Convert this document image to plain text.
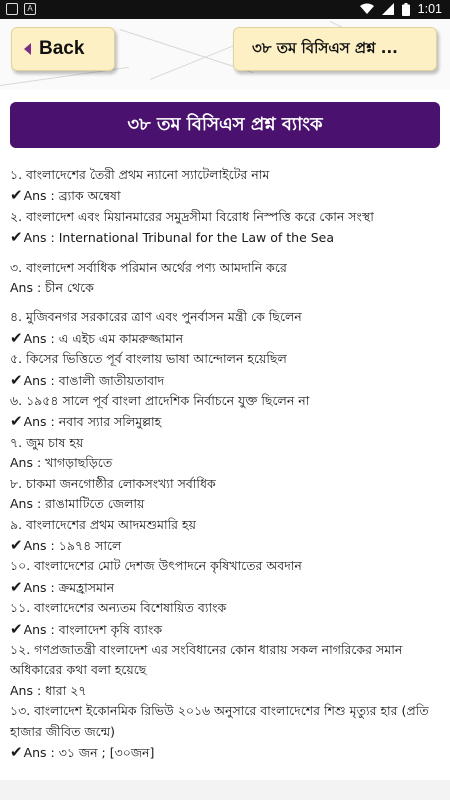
A	1:01
Back	৩৮ তম বিসিএস প্রশ্ন ...
৩৮ তম বিসিএস প্রশ্ন ব্যাংক
১. বাংলাদেশের তৈরী প্রথম ন্যানো স্যাটেলাইটের নাম
✔Ans : ব্র্যাক অন্বেষা
২. বাংলাদেশ এবং মিয়ানমারের সমুদ্রসীমা বিরোধ নিস্পত্তি করে কোন সংস্থা
✔Ans : International Tribunal for the Law of the Sea
৩. বাংলাদেশ সর্বাধিক পরিমান অর্থের পণ্য আমদানি করে
Ans : চীন থেকে
৪. মুজিবনগর সরকারের ত্রাণ এবং পুনর্বাসন মন্ত্রী কে ছিলেন
✔Ans : এ এইচ এম কামরুজ্জামান
৫. কিসের ভিত্তিতে পূর্ব বাংলায় ভাষা আন্দোলন হয়েছিল
✔Ans : বাঙালী জাতীয়তাবাদ
৬. ১৯৫৪ সালে পূর্ব বাংলা প্রাদেশিক নির্বাচনে যুক্ত ছিলেন না
✔Ans : নবাব স্যার সলিমুল্লাহ
৭. জুম চাষ হয়
Ans : খাগড়াছড়িতে
৮. চাকমা জনগোষ্ঠীর লোকসংখ্যা সর্বাধিক
Ans : রাঙামাটিতে জেলায়
৯. বাংলাদেশের প্রথম আদমশুমারি হয়
✔Ans : ১৯৭৪ সালে
১০. বাংলাদেশের মোট দেশজ উৎপাদনে কৃষিখাতের অবদান
✔Ans : ক্রমহ্রাসমান
১১. বাংলাদেশের অন্যতম বিশেষায়িত ব্যাংক
✔Ans : বাংলাদেশ কৃষি ব্যাংক
১২. গণপ্রজাতন্ত্রী বাংলাদেশ এর সংবিধানের কোন ধারায় সকল নাগরিকের সমান অধিকারের কথা বলা হয়েছে
Ans : ধারা ২৭
১৩. বাংলাদেশ ইকোনমিক রিভিউ ২০১৬ অনুসারে বাংলাদেশের শিশু মৃত্যুর হার (প্রতি হাজার জীবিত জন্মে)
✔Ans : ৩১ জন ; [৩০জন]
